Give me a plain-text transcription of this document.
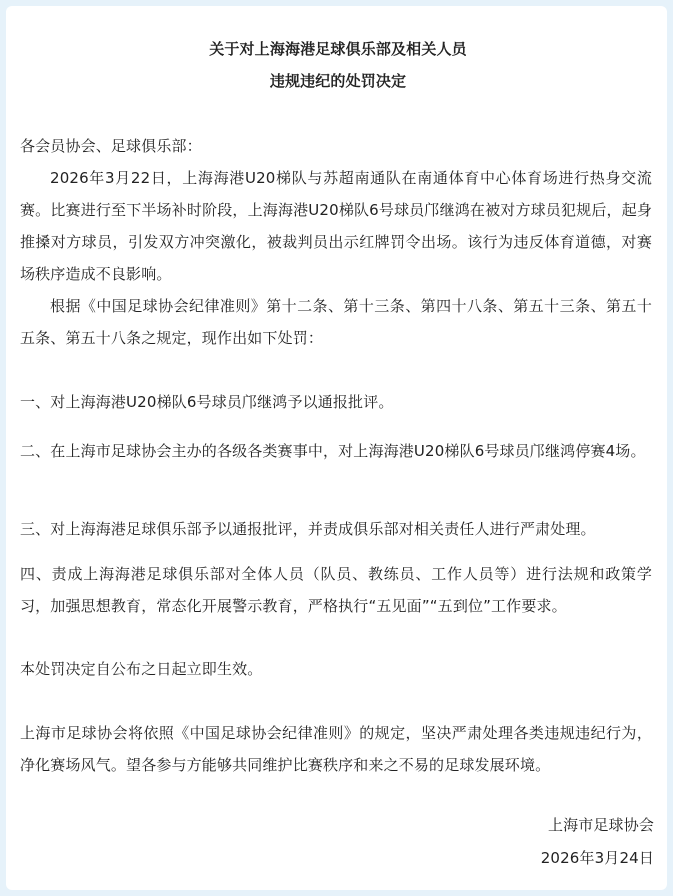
关于对上海海港足球俱乐部及相关人员

违规违纪的处罚决定

各会员协会、足球俱乐部：

2026年3月22日，上海海港U20梯队与苏超南通队在南通体育中心体育场进行热身交流赛。比赛进行至下半场补时阶段，上海海港U20梯队6号球员邝继鸿在被对方球员犯规后，起身推搡对方球员，引发双方冲突激化，被裁判员出示红牌罚令出场。该行为违反体育道德，对赛场秩序造成不良影响。

根据《中国足球协会纪律准则》第十二条、第十三条、第四十八条、第五十三条、第五十五条、第五十八条之规定，现作出如下处罚：

一、对上海海港U20梯队6号球员邝继鸿予以通报批评。

二、在上海市足球协会主办的各级各类赛事中，对上海海港U20梯队6号球员邝继鸿停赛4场。

三、对上海海港足球俱乐部予以通报批评，并责成俱乐部对相关责任人进行严肃处理。

四、责成上海海港足球俱乐部对全体人员（队员、教练员、工作人员等）进行法规和政策学习，加强思想教育，常态化开展警示教育，严格执行“五见面”“五到位”工作要求。

本处罚决定自公布之日起立即生效。

上海市足球协会将依照《中国足球协会纪律准则》的规定，坚决严肃处理各类违规违纪行为，净化赛场风气。望各参与方能够共同维护比赛秩序和来之不易的足球发展环境。

上海市足球协会

2026年3月24日
